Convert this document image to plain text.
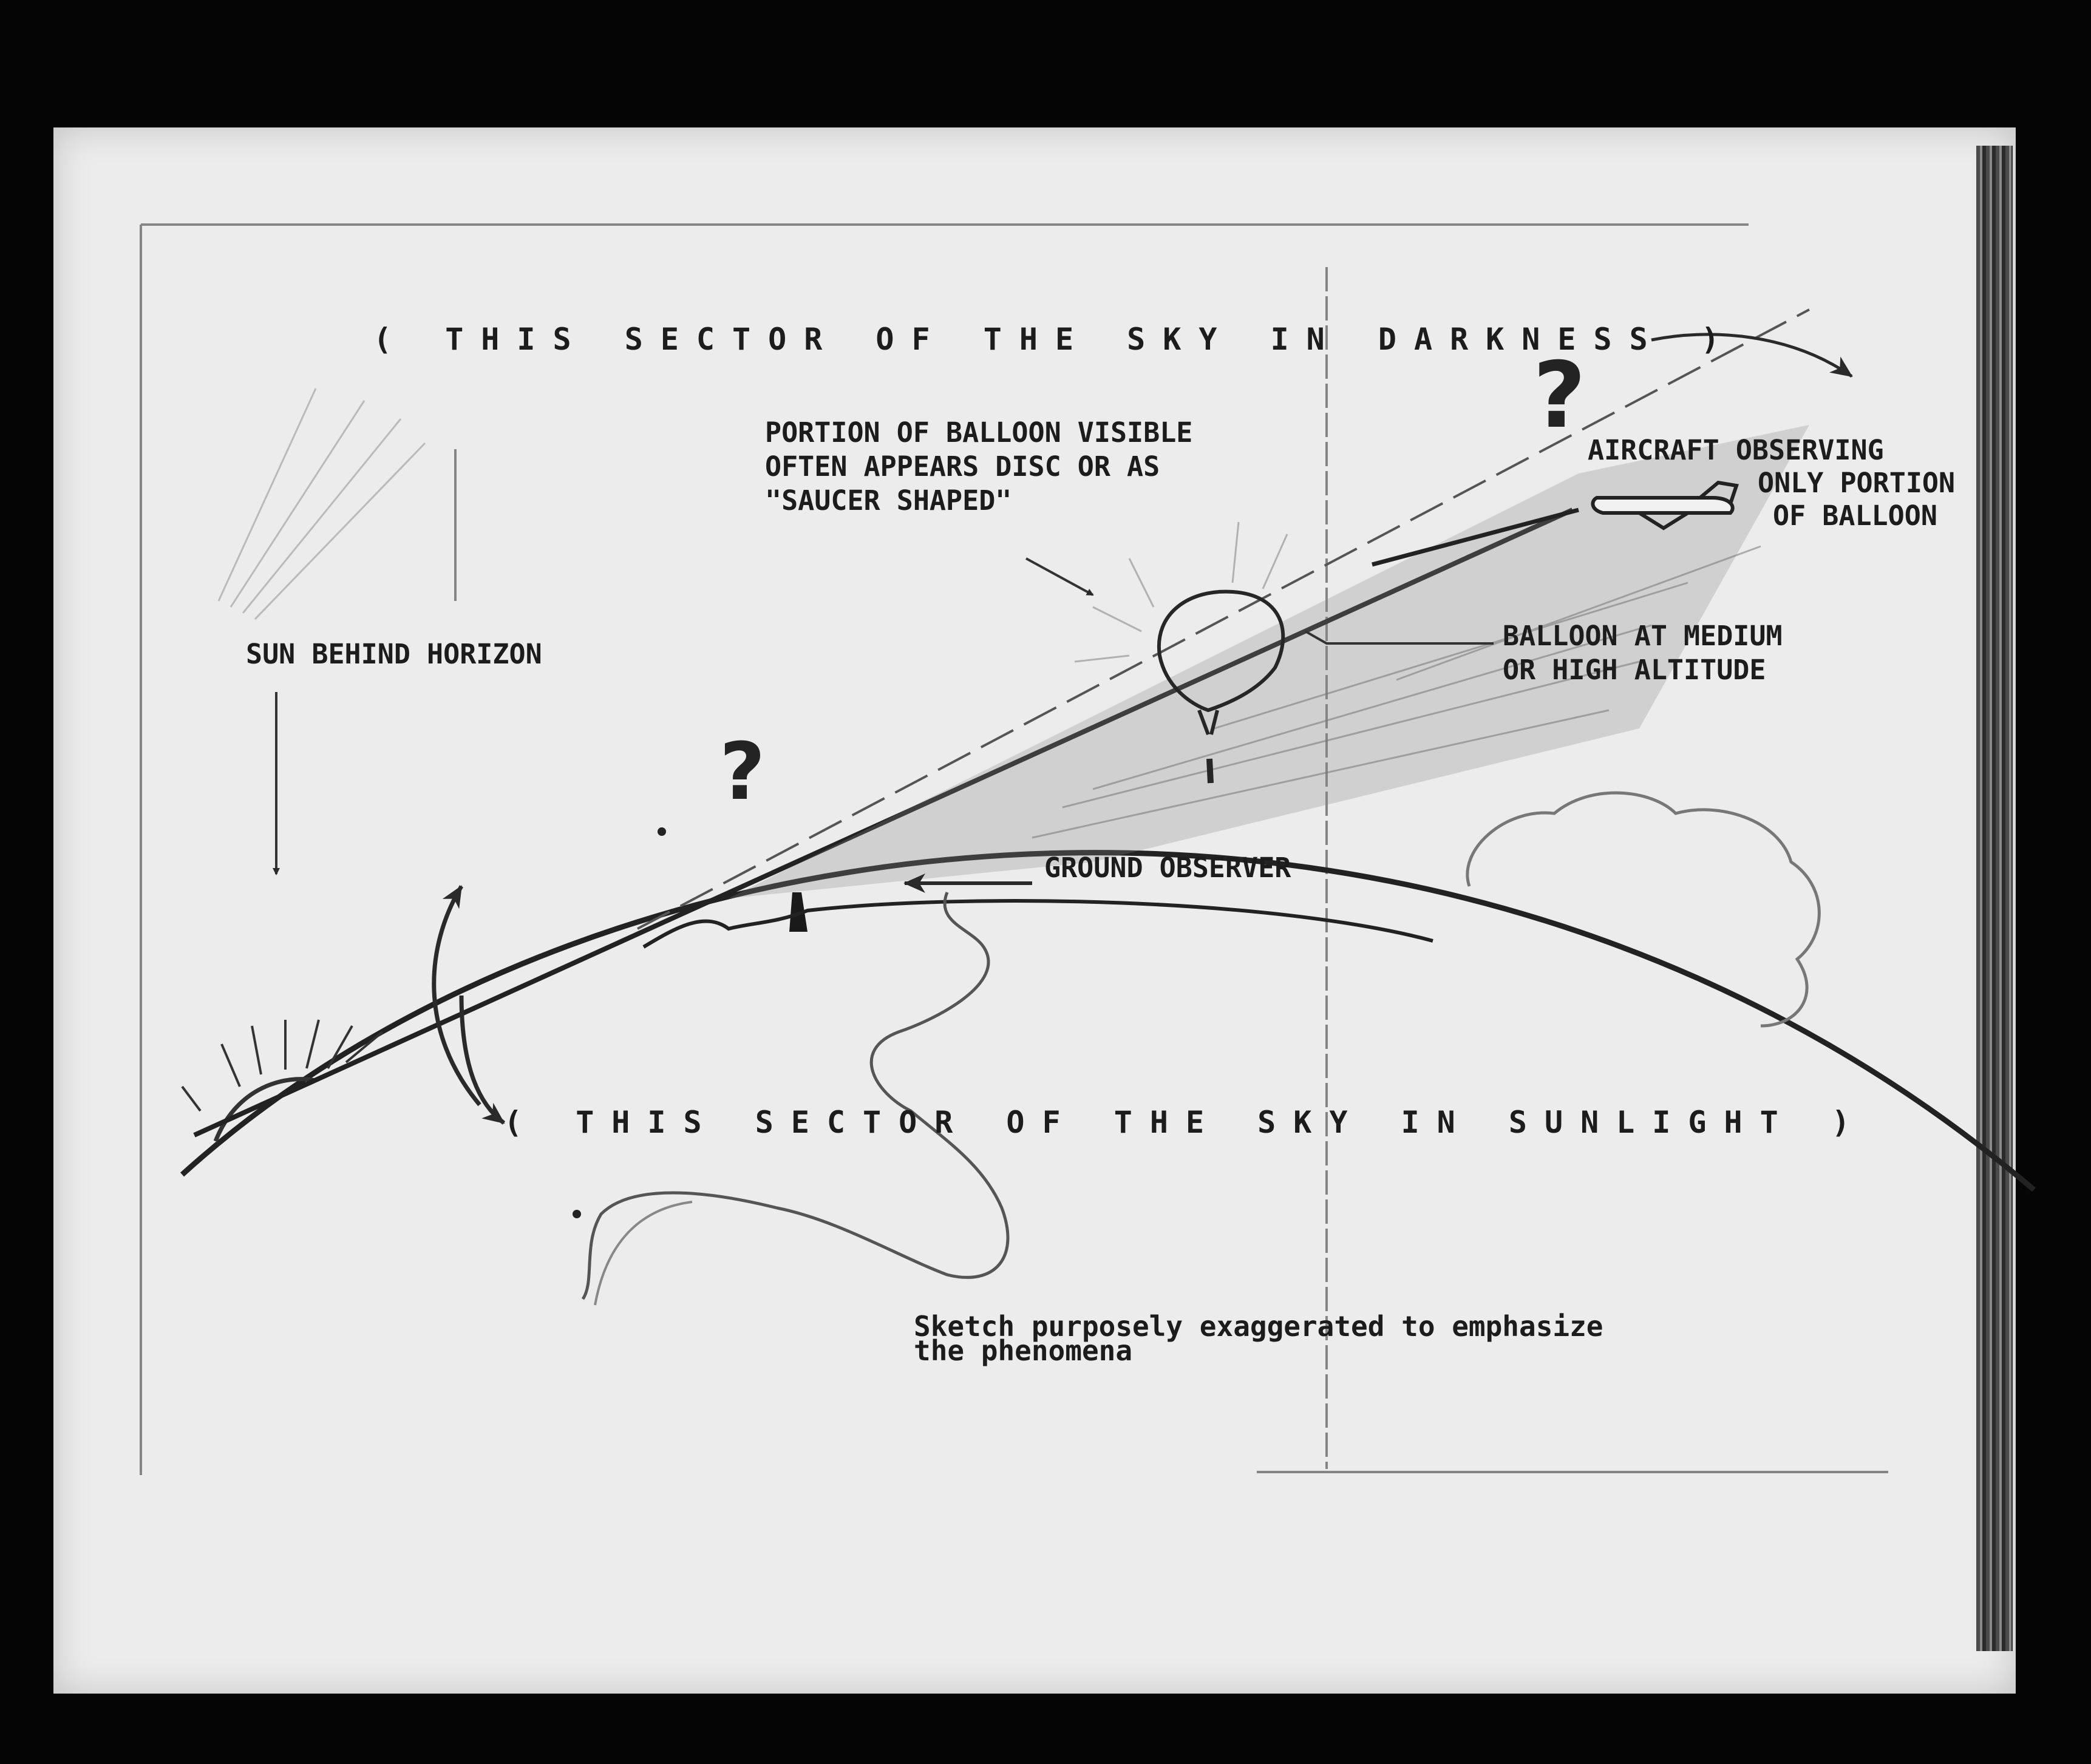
?
?
( THIS SECTOR OF THE SKY IN DARKNESS )
( THIS SECTOR OF THE SKY IN SUNLIGHT )
PORTION OF BALLOON VISIBLE
OFTEN APPEARS DISC OR AS
"SAUCER SHAPED"
AIRCRAFT OBSERVING
ONLY PORTION
OF BALLOON
SUN BEHIND HORIZON
BALLOON AT MEDIUM
OR HIGH ALTITUDE
GROUND OBSERVER
Sketch purposely exaggerated to emphasize
the phenomena
